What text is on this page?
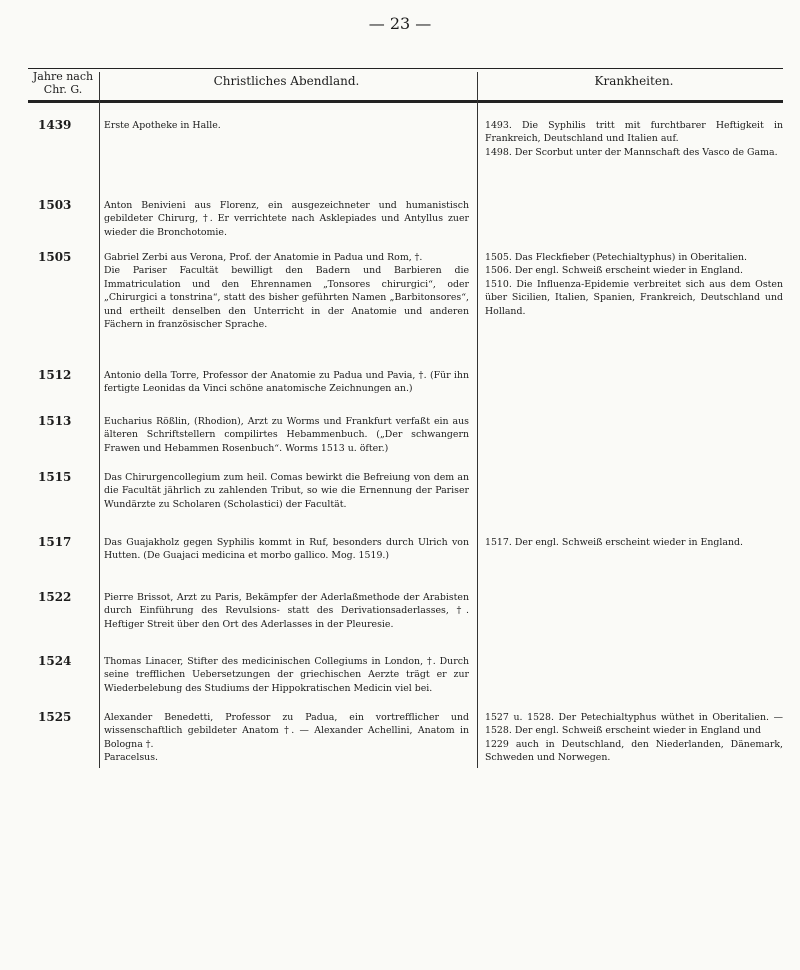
— 23 —
Jahre nach Chr. G.
Christliches Abendland.	Krankheiten.
1439
1503
1505
1512
1513
1515
1517
1522
1524
1525
Erste Apotheke in Halle.
Anton Benivieni aus Florenz, ein ausgezeichneter und humanistisch gebildeter Chirurg, †. Er verrichtete nach Asklepiades und Antyllus zuer wieder die Bronchotomie.
Gabriel Zerbi aus Verona, Prof. der Anatomie in Padua und Rom, †.
Die Pariser Facultät bewilligt den Badern und Barbieren die Immatriculation und den Ehrennamen „Tonsores chirurgici“, oder „Chirurgici a tonstrina“, statt des bisher geführten Namen „Barbitonsores“, und ertheilt denselben den Unterricht in der Anatomie und anderen Fächern in französischer Sprache.
Antonio della Torre, Professor der Anatomie zu Padua und Pavia, †. (Für ihn fertigte Leonidas da Vinci schöne anatomische Zeichnungen an.)
Eucharius Rößlin, (Rhodion), Arzt zu Worms und Frankfurt verfaßt ein aus älteren Schriftstellern compilirtes Hebammenbuch. („Der schwangern Frawen und Hebammen Rosenbuch“. Worms 1513 u. öfter.)
Das Chirurgencollegium zum heil. Comas bewirkt die Befreiung von dem an die Facultät jährlich zu zahlenden Tribut, so wie die Ernennung der Pariser Wundärzte zu Scholaren (Scholastici) der Facultät.
Das Guajakholz gegen Syphilis kommt in Ruf, besonders durch Ulrich von Hutten. (De Guajaci medicina et morbo gallico. Mog. 1519.)
Pierre Brissot, Arzt zu Paris, Bekämpfer der Aderlaßmethode der Arabisten durch Einführung des Revulsions- statt des Derivationsaderlasses, †. Heftiger Streit über den Ort des Aderlasses in der Pleuresie.
Thomas Linacer, Stifter des medicinischen Collegiums in London, †. Durch seine trefflichen Uebersetzungen der griechischen Aerzte trägt er zur Wiederbelebung des Studiums der Hippokratischen Medicin viel bei.
Alexander Benedetti, Professor zu Padua, ein vortrefflicher und wissenschaftlich gebildeter Anatom †. — Alexander Achellini, Anatom in Bologna †.
Paracelsus.
1493. Die Syphilis tritt mit furchtbarer Heftigkeit in Frankreich, Deutschland und Italien auf.
1498. Der Scorbut unter der Mannschaft des Vasco de Gama.
1505. Das Fleckfieber (Petechialtyphus) in Oberitalien.
1506. Der engl. Schweiß erscheint wieder in England.
1510. Die Influenza-Epidemie verbreitet sich aus dem Osten über Sicilien, Italien, Spanien, Frankreich, Deutschland und Holland.
1517. Der engl. Schweiß erscheint wieder in England.
1527 u. 1528. Der Petechialtyphus wüthet in Oberitalien. — 1528. Der engl. Schweiß erscheint wieder in England und
1229 auch in Deutschland, den Niederlanden, Dänemark, Schweden und Norwegen.
